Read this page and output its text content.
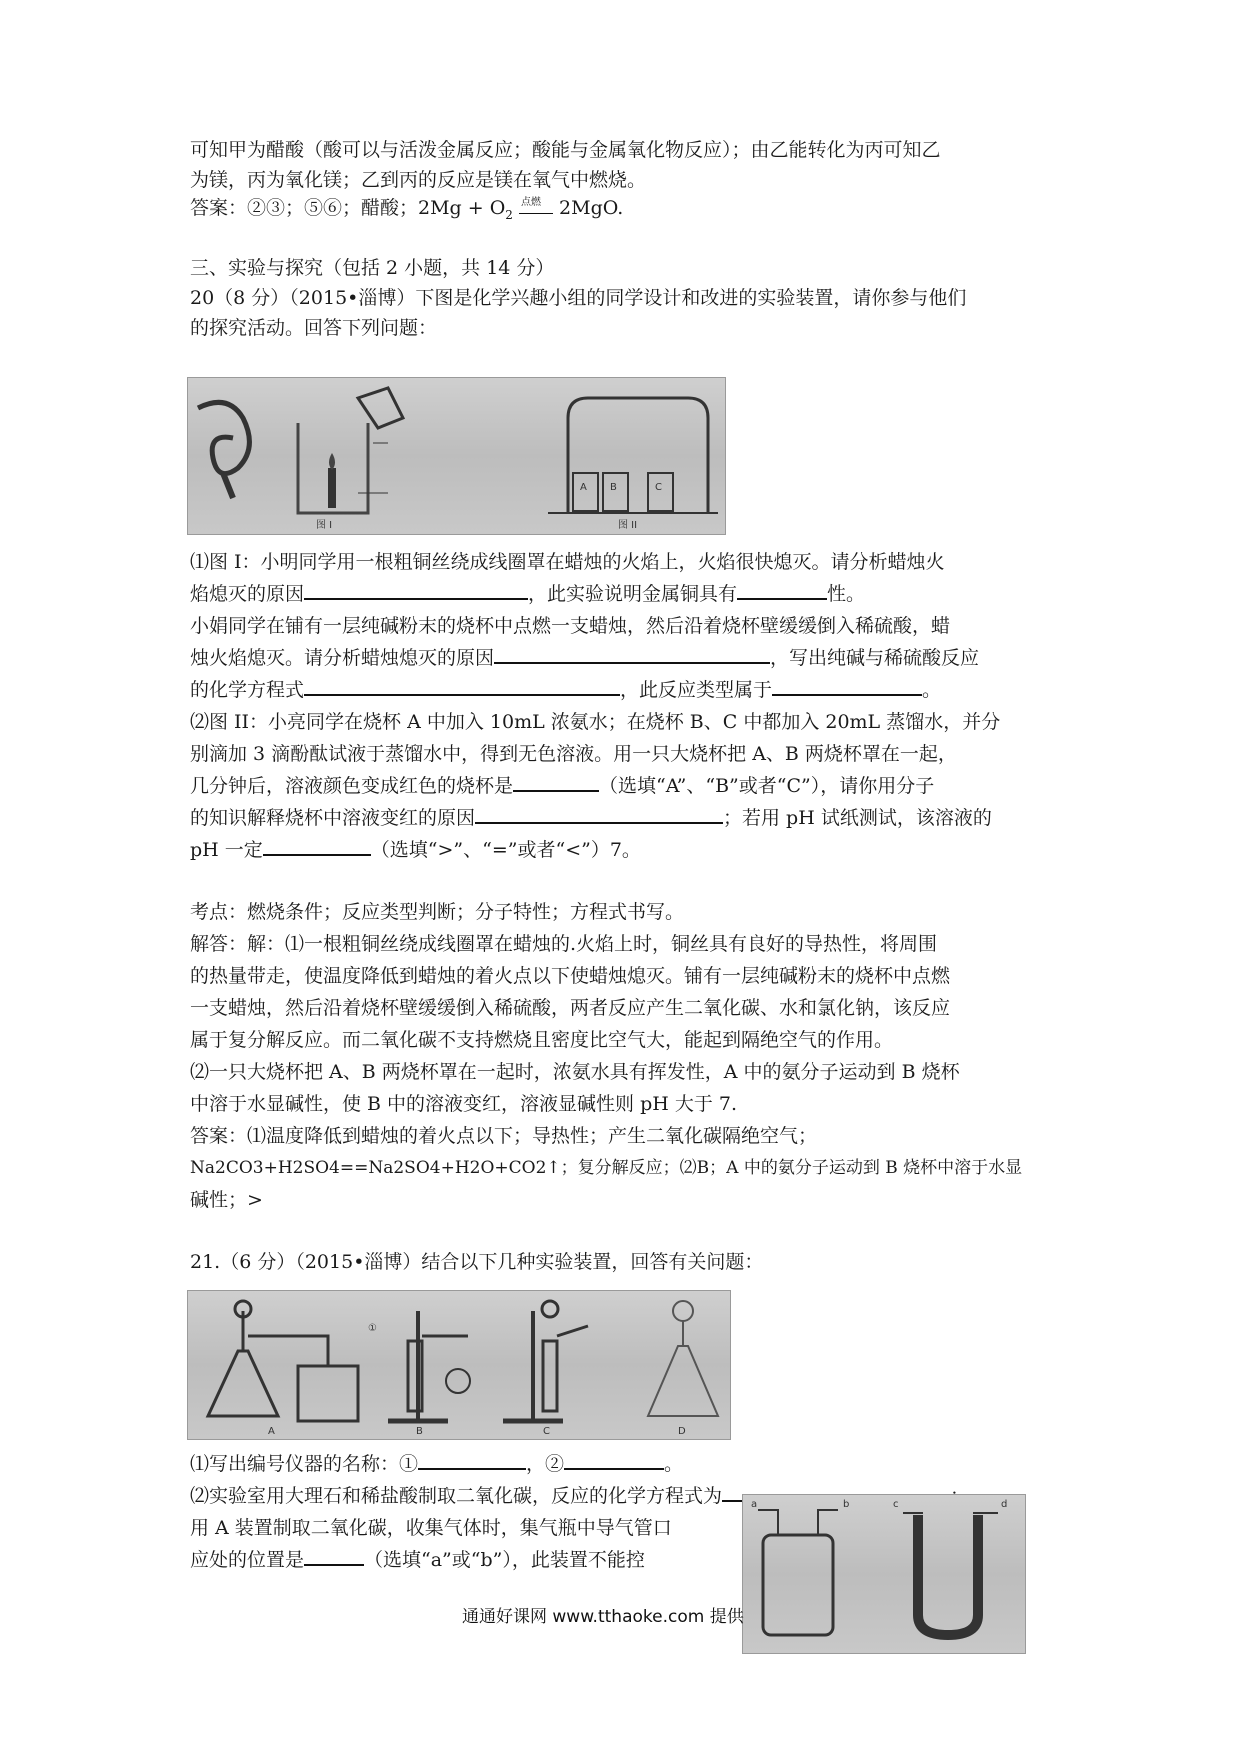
可知甲为醋酸（酸可以与活泼金属反应；酸能与金属氧化物反应）；由乙能转化为丙可知乙
为镁，丙为氧化镁；乙到丙的反应是镁在氧气中燃烧。
答案：②③；⑤⑥；醋酸；$2Mg + O_2$
点燃 2MgO.
三、实验与探究（包括 2 小题，共 14 分）
20（8 分）（2015•淄博）下图是化学兴趣小组的同学设计和改进的实验装置，请你参与他们
的探究活动。回答下列问题：
图 I
A B	C
图 II
⑴图 I：小明同学用一根粗铜丝绕成线圈罩在蜡烛的火焰上，火焰很快熄灭。请分析蜡烛火
焰熄灭的原因	，此实验说明金属铜具有	性。
小娟同学在铺有一层纯碱粉末的烧杯中点燃一支蜡烛，然后沿着烧杯壁缓缓倒入稀硫酸，蜡
烛火焰熄灭。请分析蜡烛熄灭的原因	，写出纯碱与稀硫酸反应
的化学方程式	，此反应类型属于	。
⑵图 II：小亮同学在烧杯 A 中加入 10mL 浓氨水；在烧杯 B、C 中都加入 20mL 蒸馏水，并分
别滴加 3 滴酚酞试液于蒸馏水中，得到无色溶液。用一只大烧杯把 A、B 两烧杯罩在一起，
几分钟后，溶液颜色变成红色的烧杯是	（选填“A”、“B”或者“C”），请你用分子
的知识解释烧杯中溶液变红的原因	；若用 pH 试纸测试，该溶液的
pH 一定	（选填“>”、“=”或者“<”）7。
考点：燃烧条件；反应类型判断；分子特性；方程式书写。
解答：解：⑴一根粗铜丝绕成线圈罩在蜡烛的.火焰上时，铜丝具有良好的导热性，将周围
的热量带走，使温度降低到蜡烛的着火点以下使蜡烛熄灭。铺有一层纯碱粉末的烧杯中点燃
一支蜡烛，然后沿着烧杯壁缓缓倒入稀硫酸，两者反应产生二氧化碳、水和氯化钠，该反应
属于复分解反应。而二氧化碳不支持燃烧且密度比空气大，能起到隔绝空气的作用。
⑵一只大烧杯把 A、B 两烧杯罩在一起时，浓氨水具有挥发性，A 中的氨分子运动到 B 烧杯
中溶于水显碱性，使 B 中的溶液变红，溶液显碱性则 pH 大于 7.
答案：⑴温度降低到蜡烛的着火点以下；导热性；产生二氧化碳隔绝空气；
Na2CO3+H2SO4==Na2SO4+H2O+CO2↑；复分解反应；⑵B；A 中的氨分子运动到 B 烧杯中溶于水显
碱性；>
21.（6 分）（2015•淄博）结合以下几种实验装置，回答有关问题：
A
①
B	C	D
⑴写出编号仪器的名称：①	，②	。
⑵实验室用大理石和稀盐酸制取二氧化碳，反应的化学方程式为
用 A 装置制取二氧化碳，收集气体时，集气瓶中导气管口
应处的位置是	（选填“a”或“b”），此装置不能控
a	b	c	d
通通好课网 www.tthaoke.com 提供
